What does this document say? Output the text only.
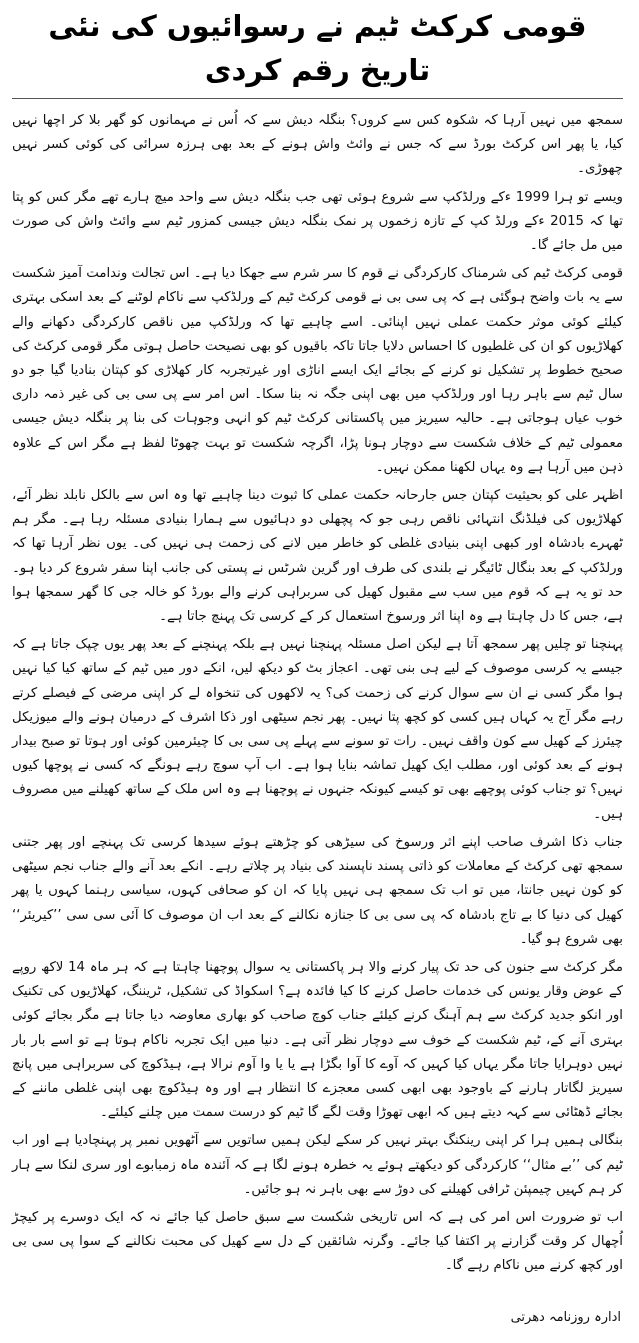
قومی کرکٹ ٹیم نے رسوائیوں کی نئی تاریخ رقم کردی

سمجھ میں نہیں آرہا کہ شکوہ کس سے کروں؟ بنگلہ دیش سے کہ اُس نے مہمانوں کو گھر بلا کر اچھا نہیں کیا، یا پھر اس کرکٹ بورڈ سے کہ جس نے وائٹ واش ہونے کے بعد بھی ہرزہ سرائی کی کوئی کسر نہیں چھوڑی۔

ویسے تو ہرا 1999 ءکے ورلڈکپ سے شروع ہوئی تھی جب بنگلہ دیش سے واحد میچ ہارے تھے مگر کس کو پتا تھا کہ 2015 ءکے ورلڈ کپ کے تازہ زخموں پر نمک بنگلہ دیش جیسی کمزور ٹیم سے وائٹ واش کی صورت میں مل جائے گا۔

قومی کرکٹ ٹیم کی شرمناک کارکردگی نے قوم کا سر شرم سے جھکا دیا ہے۔ اس تجالت وندامت آمیز شکست سے یہ بات واضح ہوگئی ہے کہ پی سی بی نے قومی کرکٹ ٹیم کے ورلڈکپ سے ناکام لوٹنے کے بعد اسکی بہتری کیلئے کوئی موثر حکمت عملی نہیں اپنائی۔ اسے چاہیے تھا کہ ورلڈکپ میں ناقص کارکردگی دکھانے والے کھلاڑیوں کو ان کی غلطیوں کا احساس دلایا جاتا تاکہ باقیوں کو بھی نصیحت حاصل ہوتی مگر قومی کرکٹ کی صحیح خطوط پر تشکیل نو کرنے کے بجائے ایک ایسے اناڑی اور غیرتجربہ کار کھلاڑی کو کپتان بنادیا گیا جو دو سال ٹیم سے باہر رہا اور ورلڈکپ میں بھی اپنی جگہ نہ بنا سکا۔ اس امر سے پی سی بی کی غیر ذمہ داری خوب عیاں ہوجاتی ہے۔ حالیہ سیریز میں پاکستانی کرکٹ ٹیم کو انہی وجوہات کی بنا پر بنگلہ دیش جیسی معمولی ٹیم کے خلاف شکست سے دوچار ہونا پڑا، اگرچہ شکست تو بہت چھوٹا لفظ ہے مگر اس کے علاوہ ذہن میں آرہا ہے وہ یہاں لکھنا ممکن نہیں۔

اظہر علی کو بحیثیت کپتان جس جارحانہ حکمت عملی کا ثبوت دینا چاہیے تھا وہ اس سے بالکل نابلد نظر آئے، کھلاڑیوں کی فیلڈنگ انتہائی ناقص رہی جو کہ پچھلی دو دہائیوں سے ہمارا بنیادی مسئلہ رہا ہے۔ مگر ہم ٹھہرے بادشاہ اور کبھی اپنی بنیادی غلطی کو خاطر میں لانے کی زحمت ہی نہیں کی۔ یوں نظر آرہا تھا کہ ورلڈکپ کے بعد بنگال ٹائیگر نے بلندی کی طرف اور گرین شرٹس نے پستی کی جانب اپنا سفر شروع کر دیا ہو۔ حد تو یہ ہے کہ قوم میں سب سے مقبول کھیل کی سربراہی کرنے والے بورڈ کو خالہ جی کا گھر سمجھا ہوا ہے، جس کا دل چاہتا ہے وہ اپنا اثر ورسوخ استعمال کر کے کرسی تک پہنچ جاتا ہے۔

پہنچنا تو چلیں پھر سمجھ آتا ہے لیکن اصل مسئلہ پہنچنا نہیں ہے بلکہ پہنچنے کے بعد پھر یوں چپک جاتا ہے کہ جیسے یہ کرسی موصوف کے لیے ہی بنی تھی۔ اعجاز بٹ کو دیکھ لیں، انکے دور میں ٹیم کے ساتھ کیا کیا نہیں ہوا مگر کسی نے ان سے سوال کرنے کی زحمت کی؟ یہ لاکھوں کی تنخواہ لے کر اپنی مرضی کے فیصلے کرتے رہے مگر آج یہ کہاں ہیں کسی کو کچھ پتا نہیں۔ پھر نجم سیٹھی اور ذکا اشرف کے درمیان ہونے والے میوزیکل چیئرز کے کھیل سے کون واقف نہیں۔ رات تو سونے سے پہلے پی سی بی کا چیئرمین کوئی اور ہوتا تو صبح بیدار ہونے کے بعد کوئی اور، مطلب ایک کھیل تماشہ بنایا ہوا ہے۔ اب آپ سوچ رہے ہونگے کہ کسی نے پوچھا کیوں نہیں؟ تو جناب کوئی پوچھے بھی تو کیسے کیونکہ جنہوں نے پوچھنا ہے وہ اس ملک کے ساتھ کھیلنے میں مصروف ہیں۔

جناب ذکا اشرف صاحب اپنے اثر ورسوخ کی سیڑھی کو چڑھتے ہوئے سیدھا کرسی تک پہنچے اور پھر جتنی سمجھ تھی کرکٹ کے معاملات کو ذاتی پسند ناپسند کی بنیاد پر چلاتے رہے۔ انکے بعد آنے والے جناب نجم سیٹھی کو کون نہیں جانتا، میں تو اب تک سمجھ ہی نہیں پایا کہ ان کو صحافی کہوں، سیاسی رہنما کہوں یا پھر کھیل کی دنیا کا بے تاج بادشاہ کہ پی سی بی کا جنازہ نکالنے کے بعد اب ان موصوف کا آئی سی سی ’’کیریئر‘‘ بھی شروع ہو گیا۔

مگر کرکٹ سے جنون کی حد تک پیار کرنے والا ہر پاکستانی یہ سوال پوچھنا چاہتا ہے کہ ہر ماہ 14 لاکھ روپے کے عوض وقار یونس کی خدمات حاصل کرنے کا کیا فائدہ ہے؟ اسکواڈ کی تشکیل، ٹریننگ، کھلاڑیوں کی تکنیک اور انکو جدید کرکٹ سے ہم آہنگ کرنے کیلئے جناب کوچ صاحب کو بھاری معاوضہ دیا جاتا ہے مگر بجائے کوئی بہتری آنے کے، ٹیم شکست کے خوف سے دوچار نظر آتی ہے۔ دنیا میں ایک تجربہ ناکام ہوتا ہے تو اسے بار بار نہیں دوہرایا جاتا مگر یہاں کیا کہیں کہ آوے کا آوا بگڑا ہے یا یا وا آوم نرالا ہے، ہیڈکوچ کی سربراہی میں پانچ سیریز لگاتار ہارنے کے باوجود بھی ابھی کسی معجزے کا انتظار ہے اور وہ ہیڈکوچ بھی اپنی غلطی ماننے کے بجائے ڈھٹائی سے کہہ دیتے ہیں کہ ابھی تھوڑا وقت لگے گا ٹیم کو درست سمت میں چلنے کیلئے۔

بنگالی ہمیں ہرا کر اپنی رینکنگ بہتر نہیں کر سکے لیکن ہمیں ساتویں سے آٹھویں نمبر پر پہنچادیا ہے اور اب ٹیم کی ’’بے مثال‘‘ کارکردگی کو دیکھتے ہوئے یہ خطرہ ہونے لگا ہے کہ آئندہ ماہ زمبابوے اور سری لنکا سے ہار کر ہم کہیں چیمپئن ٹرافی کھیلنے کی دوڑ سے بھی باہر نہ ہو جائیں۔

اب تو ضرورت اس امر کی ہے کہ اس تاریخی شکست سے سبق حاصل کیا جائے نہ کہ ایک دوسرے پر کیچڑ اُچھال کر وقت گزارنے پر اکتفا کیا جائے۔ وگرنہ شائقین کے دل سے کھیل کی محبت نکالنے کے سوا پی سی بی اور کچھ کرنے میں ناکام رہے گا۔

ادارہ روزنامہ دھرتی
